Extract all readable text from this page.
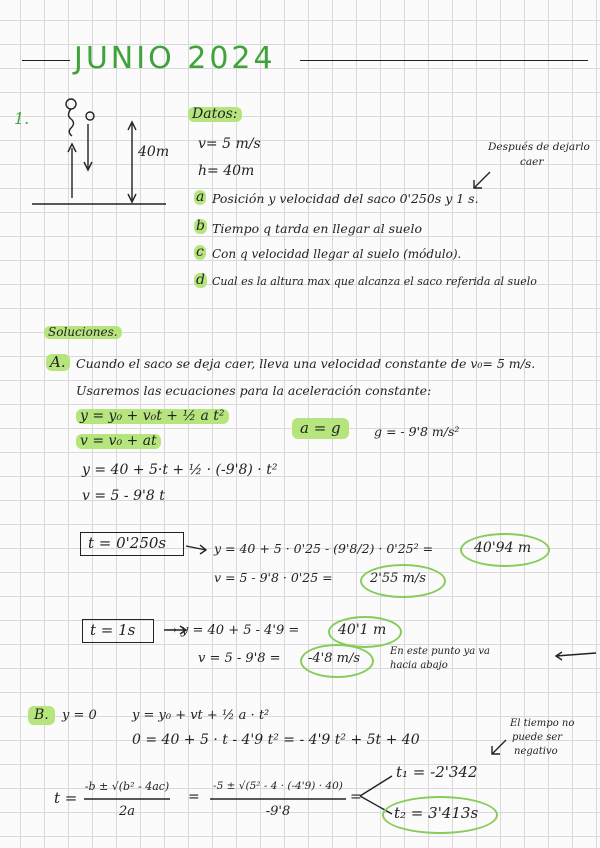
JUNIO 2024
1.
40m
Datos:
v= 5 m/s
h= 40m
Después de dejarlo
caer
a Posición y velocidad del saco 0'250s y 1 s.
b Tiempo q tarda en llegar al suelo
c Con q velocidad llegar al suelo (módulo).
d Cual es la altura max que alcanza el saco referida al suelo
Soluciones.
A. Cuando el saco se deja caer, lleva una velocidad constante de v₀= 5 m/s.
Usaremos las ecuaciones para la aceleración constante:
y = y₀ + v₀t + ½ a t²
v = v₀ + at
a = g	g = - 9'8 m/s²
y = 40 + 5·t + ½ · (-9'8) · t²
v = 5 - 9'8 t
t = 0'250s	y = 40 + 5 · 0'25 - (9'8/2) · 0'25² =	40'94 m
v = 5 - 9'8 · 0'25 =	2'55 m/s
t = 1s → y = 40 + 5 - 4'9 =	40'1 m
v = 5 - 9'8 = -4'8 m/s	En este punto ya va
hacia abajo
B.	y = 0	y = y₀ + vt + ½ a · t²
0 = 40 + 5 · t - 4'9 t² = - 4'9 t² + 5t + 40
El tiempo no
puede ser
negativo
t =
-b ± √(b² - 4ac)
2a
=
-5 ± √(5² - 4 · (-4'9) · 40)
-9'8
=
t₁ = -2'342
t₂ = 3'413s
